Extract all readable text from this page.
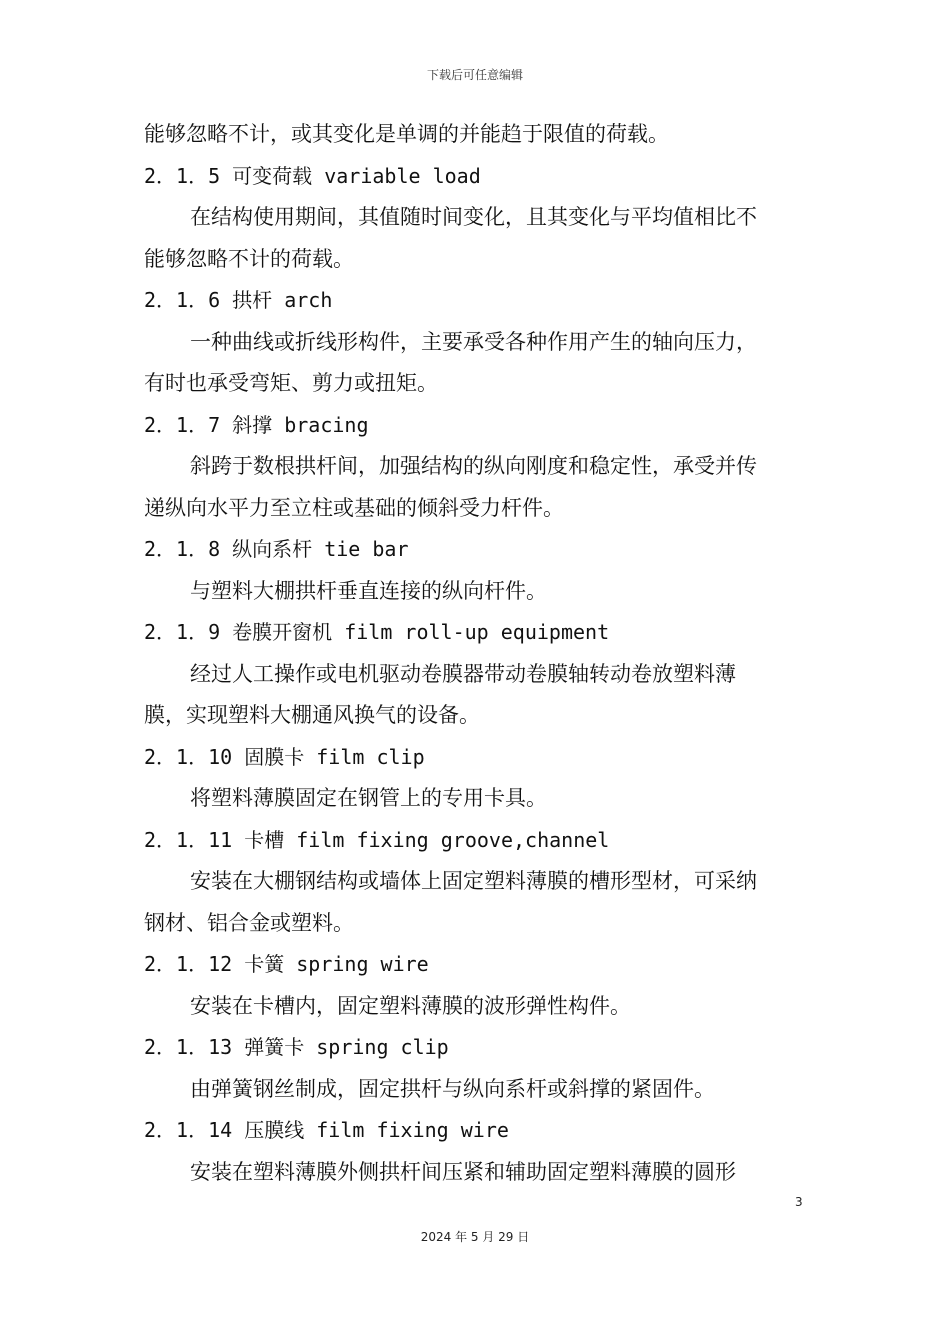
下载后可任意编辑
能够忽略不计，或其变化是单调的并能趋于限值的荷载。
2．1．5 可变荷载 variable load
在结构使用期间，其值随时间变化，且其变化与平均值相比不
能够忽略不计的荷载。
2．1．6 拱杆 arch
一种曲线或折线形构件，主要承受各种作用产生的轴向压力，
有时也承受弯矩、剪力或扭矩。
2．1．7 斜撑 bracing
斜跨于数根拱杆间，加强结构的纵向刚度和稳定性，承受并传
递纵向水平力至立柱或基础的倾斜受力杆件。
2．1．8 纵向系杆 tie bar
与塑料大棚拱杆垂直连接的纵向杆件。
2．1．9 卷膜开窗机 film roll-up equipment
经过人工操作或电机驱动卷膜器带动卷膜轴转动卷放塑料薄
膜，实现塑料大棚通风换气的设备。
2．1．10 固膜卡 film clip
将塑料薄膜固定在钢管上的专用卡具。
2．1．11 卡槽 film fixing groove,channel
安装在大棚钢结构或墙体上固定塑料薄膜的槽形型材，可采纳
钢材、铝合金或塑料。
2．1．12 卡簧 spring wire
安装在卡槽内，固定塑料薄膜的波形弹性构件。
2．1．13 弹簧卡 spring clip
由弹簧钢丝制成，固定拱杆与纵向系杆或斜撑的紧固件。
2．1．14 压膜线 film fixing wire
安装在塑料薄膜外侧拱杆间压紧和辅助固定塑料薄膜的圆形
3
2024 年 5 月 29 日
